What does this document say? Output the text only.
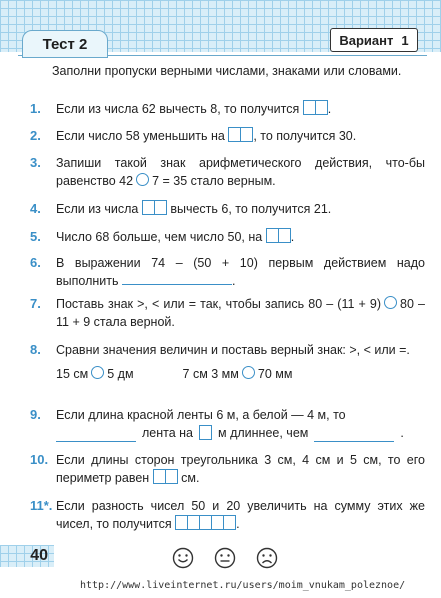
Тест 2	Вариант 1
Заполни пропуски верными числами, знаками или словами.
1.	Если из числа 62 вычесть 8, то получится .
2.	Если число 58 уменьшить на , то получится 30.
3.	Запиши такой знак арифметического действия, что-бы равенство 42 7 = 35 стало верным.
4.	Если из числа	вычесть 6, то получится 21.
5.	Число 68 больше, чем число 50, на .
6.	В выражении 74 – (50 + 10) первым действием надо выполнить	.
7.	Поставь знак >, < или = так, чтобы запись 80 – (11 + 9) 80 – 11 + 9 стала верной.
8.	Сравни значения величин и поставь верный знак: >, < или =.
15 см 5 дм	7 см 3 мм 70 мм
9.	Если длина красной ленты 6 м, а белой — 4 м, то
лента на м длиннее, чем	.
10. Если длины сторон треугольника 3 см, 4 см и 5 см, то его периметр равен	см.
11*. Если разность чисел 50 и 20 увеличить на сумму этих же чисел, то получится	.
40
http://www.liveinternet.ru/users/moim_vnukam_poleznoe/
